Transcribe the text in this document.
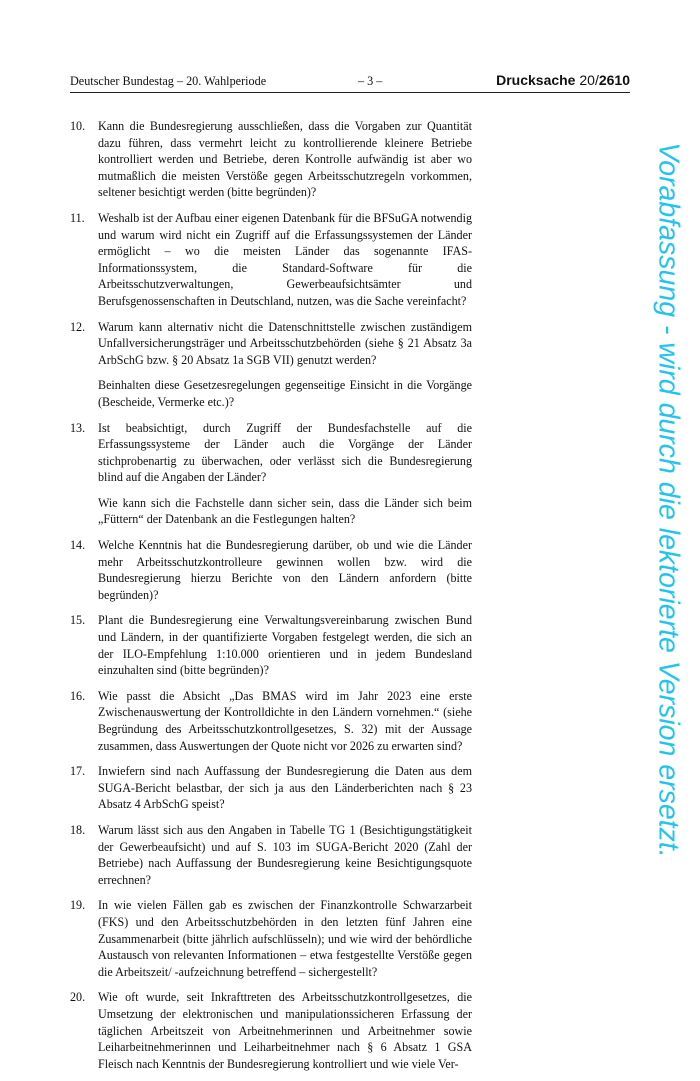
Deutscher Bundestag – 20. Wahlperiode	– 3 –	Drucksache 20/2610
10. Kann die Bundesregierung ausschließen, dass die Vorgaben zur Quantität dazu führen, dass vermehrt leicht zu kontrollierende kleinere Betriebe kontrolliert werden und Betriebe, deren Kontrolle aufwändig ist aber wo mutmaßlich die meisten Verstöße gegen Arbeitsschutzregeln vorkommen, seltener besichtigt werden (bitte begründen)?

11. Weshalb ist der Aufbau einer eigenen Datenbank für die BFSuGA notwendig und warum wird nicht ein Zugriff auf die Erfassungssystemen der Länder ermöglicht – wo die meisten Länder das sogenannte IFAS-Informationssystem, die Standard-Software für die Arbeitsschutzverwaltungen, Gewerbeaufsichtsämter und Berufsgenossenschaften in Deutschland, nutzen, was die Sache vereinfacht?

12. Warum kann alternativ nicht die Datenschnittstelle zwischen zuständigem Unfallversicherungsträger und Arbeitsschutzbehörden (siehe § 21 Absatz 3a ArbSchG bzw. § 20 Absatz 1a SGB VII) genutzt werden?

Beinhalten diese Gesetzesregelungen gegenseitige Einsicht in die Vorgänge (Bescheide, Vermerke etc.)?

13. Ist beabsichtigt, durch Zugriff der Bundesfachstelle auf die Erfassungssysteme der Länder auch die Vorgänge der Länder stichprobenartig zu überwachen, oder verlässt sich die Bundesregierung blind auf die Angaben der Länder?

Wie kann sich die Fachstelle dann sicher sein, dass die Länder sich beim „Füttern“ der Datenbank an die Festlegungen halten?

14. Welche Kenntnis hat die Bundesregierung darüber, ob und wie die Länder mehr Arbeitsschutzkontrolleure gewinnen wollen bzw. wird die Bundesregierung hierzu Berichte von den Ländern anfordern (bitte begründen)?

15. Plant die Bundesregierung eine Verwaltungsvereinbarung zwischen Bund und Ländern, in der quantifizierte Vorgaben festgelegt werden, die sich an der ILO-Empfehlung 1:10.000 orientieren und in jedem Bundesland einzuhalten sind (bitte begründen)?

16. Wie passt die Absicht „Das BMAS wird im Jahr 2023 eine erste Zwischenauswertung der Kontrolldichte in den Ländern vornehmen.“ (siehe Begründung des Arbeitsschutzkontrollgesetzes, S. 32) mit der Aussage zusammen, dass Auswertungen der Quote nicht vor 2026 zu erwarten sind?

17. Inwiefern sind nach Auffassung der Bundesregierung die Daten aus dem SUGA-Bericht belastbar, der sich ja aus den Länderberichten nach § 23 Absatz 4 ArbSchG speist?

18. Warum lässt sich aus den Angaben in Tabelle TG 1 (Besichtigungstätigkeit der Gewerbeaufsicht) und auf S. 103 im SUGA-Bericht 2020 (Zahl der Betriebe) nach Auffassung der Bundesregierung keine Besichtigungsquote errechnen?

19. In wie vielen Fällen gab es zwischen der Finanzkontrolle Schwarzarbeit (FKS) und den Arbeitsschutzbehörden in den letzten fünf Jahren eine Zusammenarbeit (bitte jährlich aufschlüsseln); und wie wird der behördliche Austausch von relevanten Informationen – etwa festgestellte Verstöße gegen die Arbeitszeit/ -aufzeichnung betreffend – sichergestellt?

20. Wie oft wurde, seit Inkrafttreten des Arbeitsschutzkontrollgesetzes, die Umsetzung der elektronischen und manipulationssicheren Erfassung der täglichen Arbeitszeit von Arbeitnehmerinnen und Arbeitnehmer sowie Leiharbeitnehmerinnen und Leiharbeitnehmer nach § 6 Absatz 1 GSA Fleisch nach Kenntnis der Bundesregierung kontrolliert und wie viele Ver-

Vorabfassung - wird durch die lektorierte Version ersetzt.
